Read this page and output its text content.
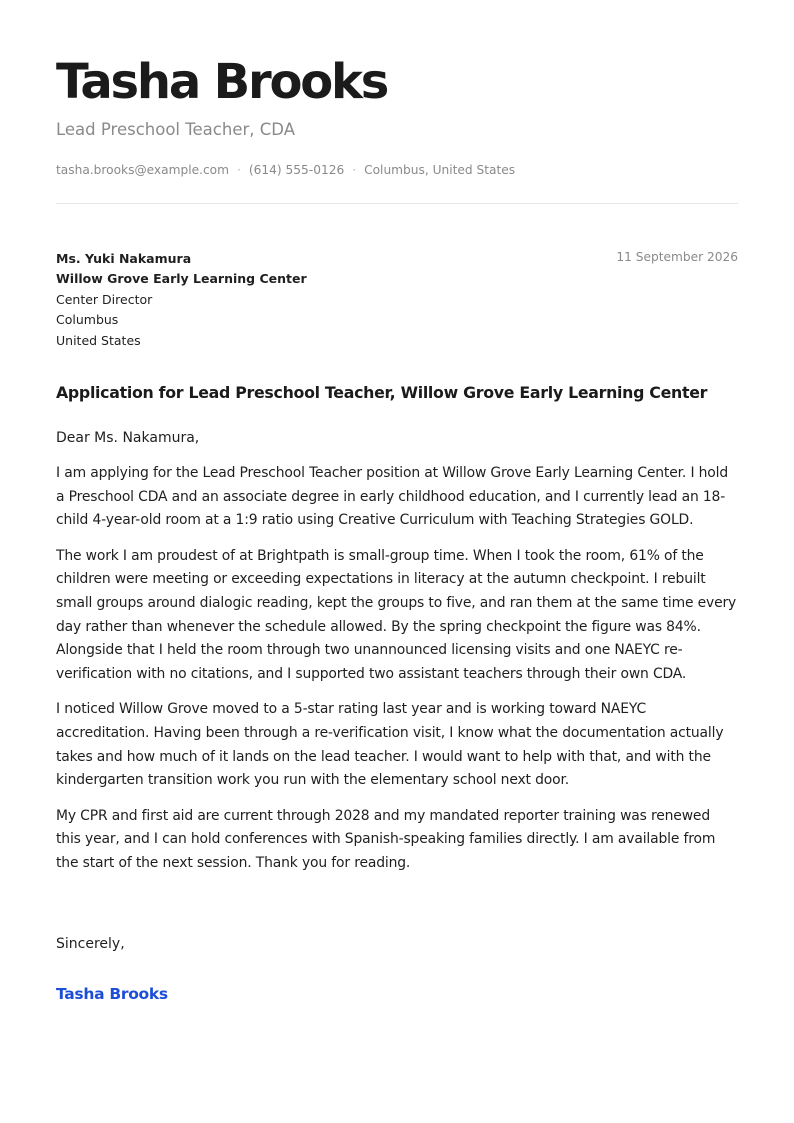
Tasha Brooks
Lead Preschool Teacher, CDA
tasha.brooks@example.com · (614) 555-0126 · Columbus, United States
Ms. Yuki Nakamura
Willow Grove Early Learning Center
Center Director
Columbus
United States
11 September 2026
Application for Lead Preschool Teacher, Willow Grove Early Learning Center
Dear Ms. Nakamura,

I am applying for the Lead Preschool Teacher position at Willow Grove Early Learning Center. I hold a Preschool CDA and an associate degree in early childhood education, and I currently lead an 18-child 4-year-old room at a 1:9 ratio using Creative Curriculum with Teaching Strategies GOLD.

The work I am proudest of at Brightpath is small-group time. When I took the room, 61% of the children were meeting or exceeding expectations in literacy at the autumn checkpoint. I rebuilt small groups around dialogic reading, kept the groups to five, and ran them at the same time every day rather than whenever the schedule allowed. By the spring checkpoint the figure was 84%. Alongside that I held the room through two unannounced licensing visits and one NAEYC re-verification with no citations, and I supported two assistant teachers through their own CDA.

I noticed Willow Grove moved to a 5-star rating last year and is working toward NAEYC accreditation. Having been through a re-verification visit, I know what the documentation actually takes and how much of it lands on the lead teacher. I would want to help with that, and with the kindergarten transition work you run with the elementary school next door.

My CPR and first aid are current through 2028 and my mandated reporter training was renewed this year, and I can hold conferences with Spanish-speaking families directly. I am available from the start of the next session. Thank you for reading.

Sincerely,
Tasha Brooks
